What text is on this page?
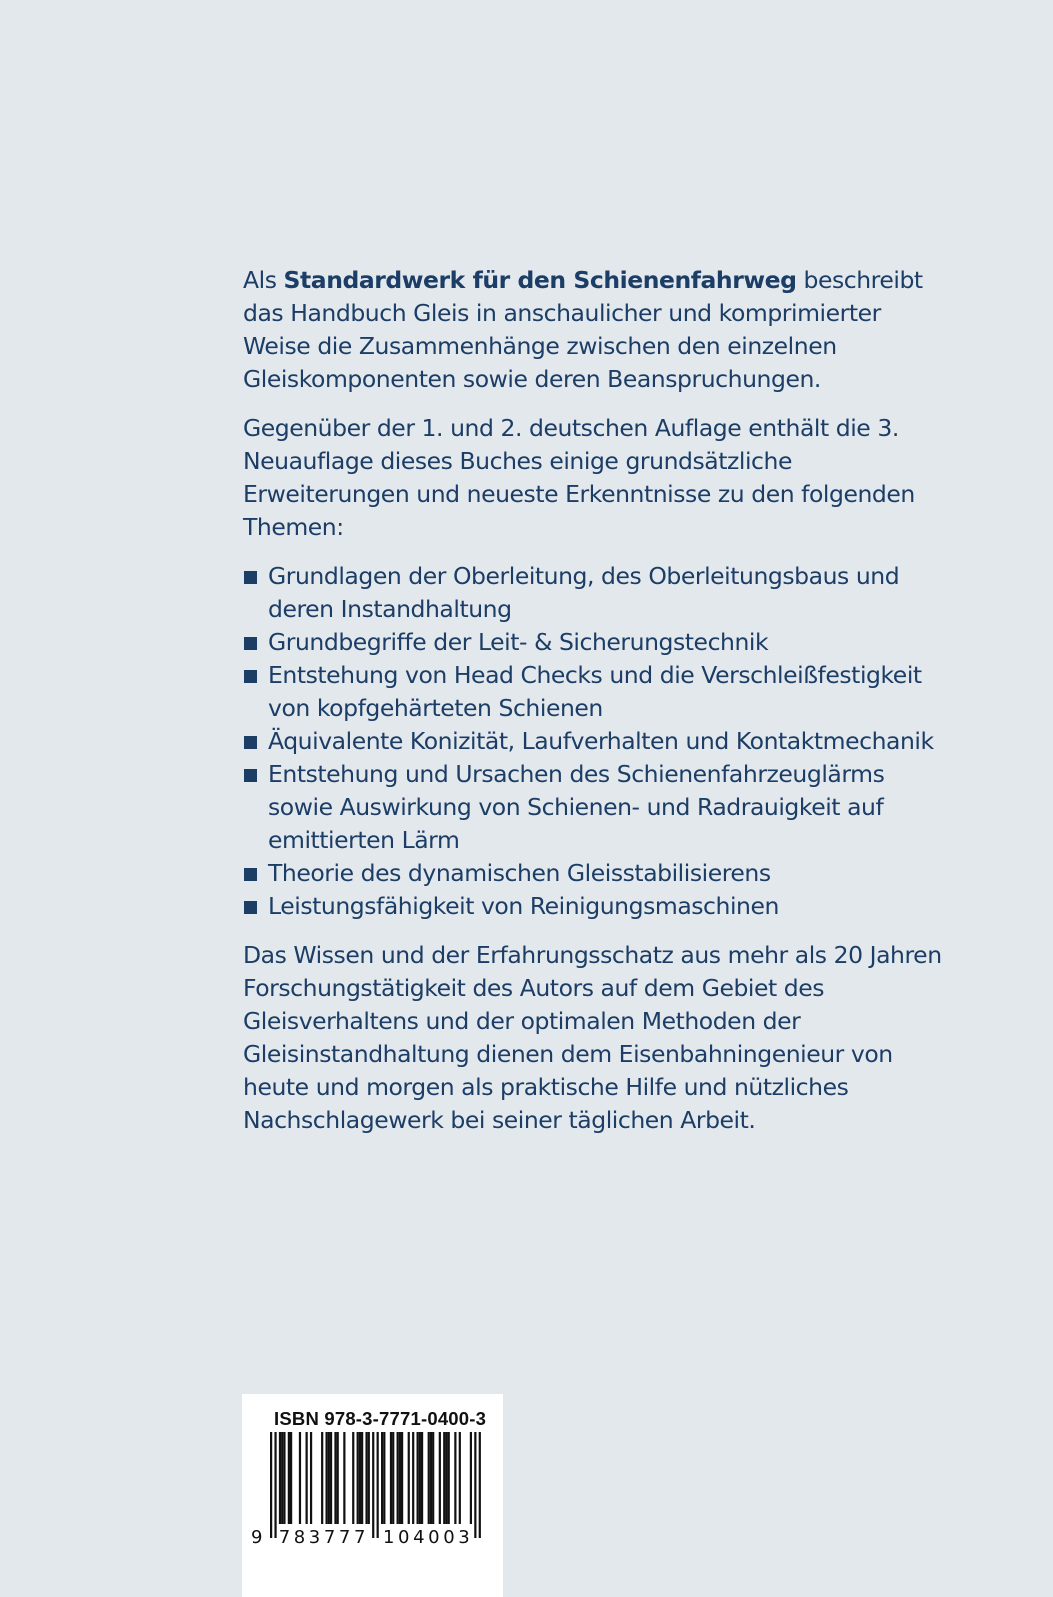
Als Standardwerk für den Schienenfahrweg beschreibt das Handbuch Gleis in anschaulicher und komprimierter Weise die Zusammenhänge zwischen den einzelnen Gleiskomponenten sowie deren Beanspruchungen.

Gegenüber der 1. und 2. deutschen Auflage enthält die 3. Neuauflage dieses Buches einige grundsätzliche Erweiterungen und neueste Erkenntnisse zu den folgenden Themen:

Grundlagen der Oberleitung, des Oberleitungsbaus und deren Instandhaltung
Grundbegriffe der Leit- & Sicherungstechnik
Entstehung von Head Checks und die Verschleißfestigkeit von kopfgehärteten Schienen
Äquivalente Konizität, Laufverhalten und Kontaktmechanik
Entstehung und Ursachen des Schienenfahrzeuglärms sowie Auswirkung von Schienen- und Radrauigkeit auf emittierten Lärm
Theorie des dynamischen Gleisstabilisierens
Leistungsfähigkeit von Reinigungsmaschinen

Das Wissen und der Erfahrungsschatz aus mehr als 20 Jahren Forschungstätigkeit des Autors auf dem Gebiet des Gleisverhaltens und der optimalen Methoden der Gleisinstandhaltung dienen dem Eisenbahningenieur von heute und morgen als praktische Hilfe und nützliches Nachschlagewerk bei seiner täglichen Arbeit.

ISBN 978-3-7771-0400-3
9 783777 104003
